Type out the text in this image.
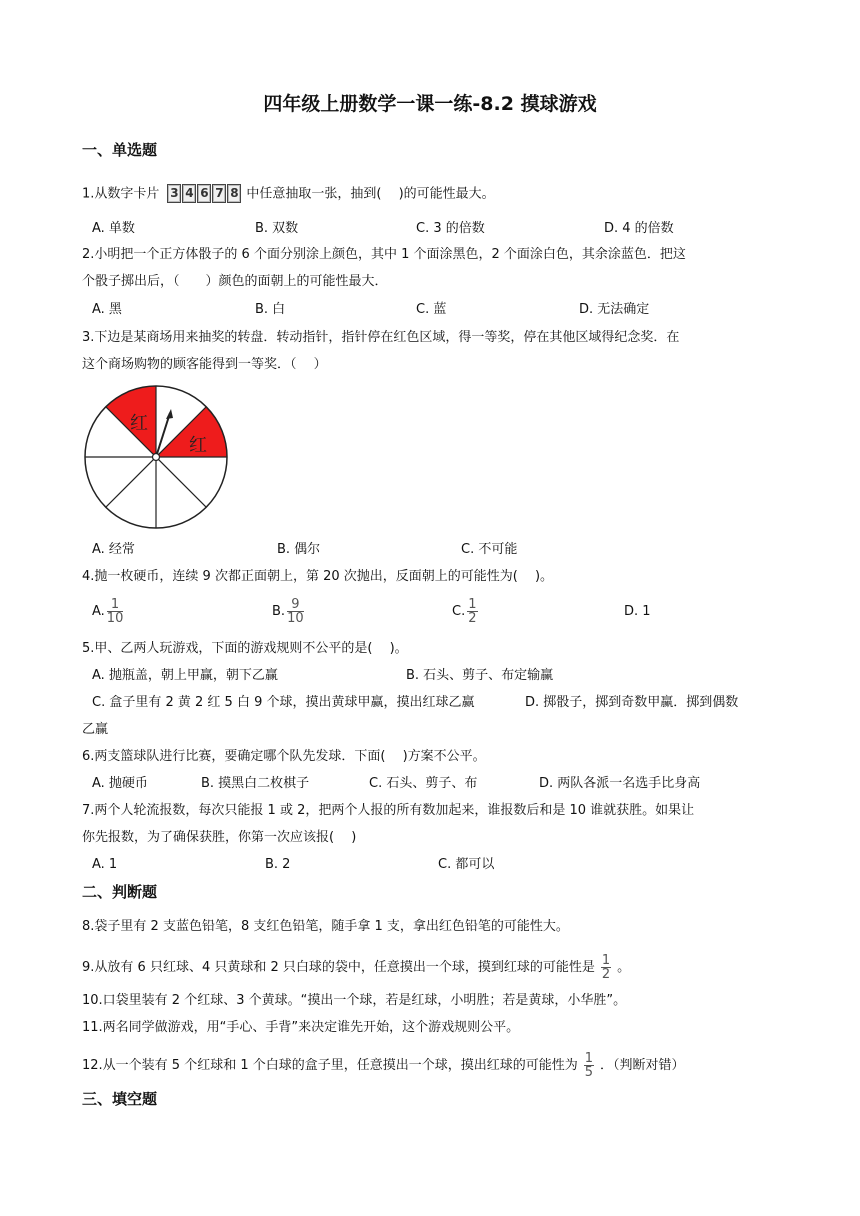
四年级上册数学一课一练-8.2 摸球游戏
一、单选题
1.从数字卡片 3 4 6 7 8 中任意抽取一张，抽到(　 )的可能性最大。
A. 单数	B. 双数	C. 3 的倍数	D. 4 的倍数
2.小明把一个正方体骰子的 6 个面分别涂上颜色，其中 1 个面涂黑色，2 个面涂白色，其余涂蓝色．把这
个骰子掷出后，（　　）颜色的面朝上的可能性最大．
A. 黑	B. 白	C. 蓝	D. 无法确定
3.下边是某商场用来抽奖的转盘．转动指针，指针停在红色区域，得一等奖，停在其他区域得纪念奖．在
这个商场购物的顾客能得到一等奖．（　 ）
红
红
A. 经常	B. 偶尔	C. 不可能
4.抛一枚硬币，连续 9 次都正面朝上，第 20 次抛出，反面朝上的可能性为(　 )。
A. $\frac{1}{10}$	B. $\frac{9}{10}$	C. $\frac{1}{2}$	D. 1
5.甲、乙两人玩游戏，下面的游戏规则不公平的是(　 )。
A. 抛瓶盖，朝上甲赢，朝下乙赢	B. 石头、剪子、布定输赢
C. 盒子里有 2 黄 2 红 5 白 9 个球，摸出黄球甲赢，摸出红球乙赢	D. 掷骰子，掷到奇数甲赢．掷到偶数
乙赢
6.两支篮球队进行比赛，要确定哪个队先发球．下面(　 )方案不公平。
A. 抛硬币	B. 摸黑白二枚棋子	C. 石头、剪子、布	D. 两队各派一名选手比身高
7.两个人轮流报数，每次只能报 1 或 2，把两个人报的所有数加起来，谁报数后和是 10 谁就获胜。如果让
你先报数，为了确保获胜，你第一次应该报(　 )
A. 1	B. 2	C. 都可以
二、判断题
8.袋子里有 2 支蓝色铅笔，8 支红色铅笔，随手拿 1 支，拿出红色铅笔的可能性大。
9.从放有 6 只红球、4 只黄球和 2 只白球的袋中，任意摸出一个球，摸到红球的可能性是 $\frac{1}{2}$ 。
10.口袋里装有 2 个红球、3 个黄球。“摸出一个球，若是红球，小明胜；若是黄球，小华胜”。
11.两名同学做游戏，用“手心、手背”来决定谁先开始，这个游戏规则公平。
12.从一个装有 5 个红球和 1 个白球的盒子里，任意摸出一个球，摸出红球的可能性为 $\frac{1}{5}$ ．（判断对错）
三、填空题
